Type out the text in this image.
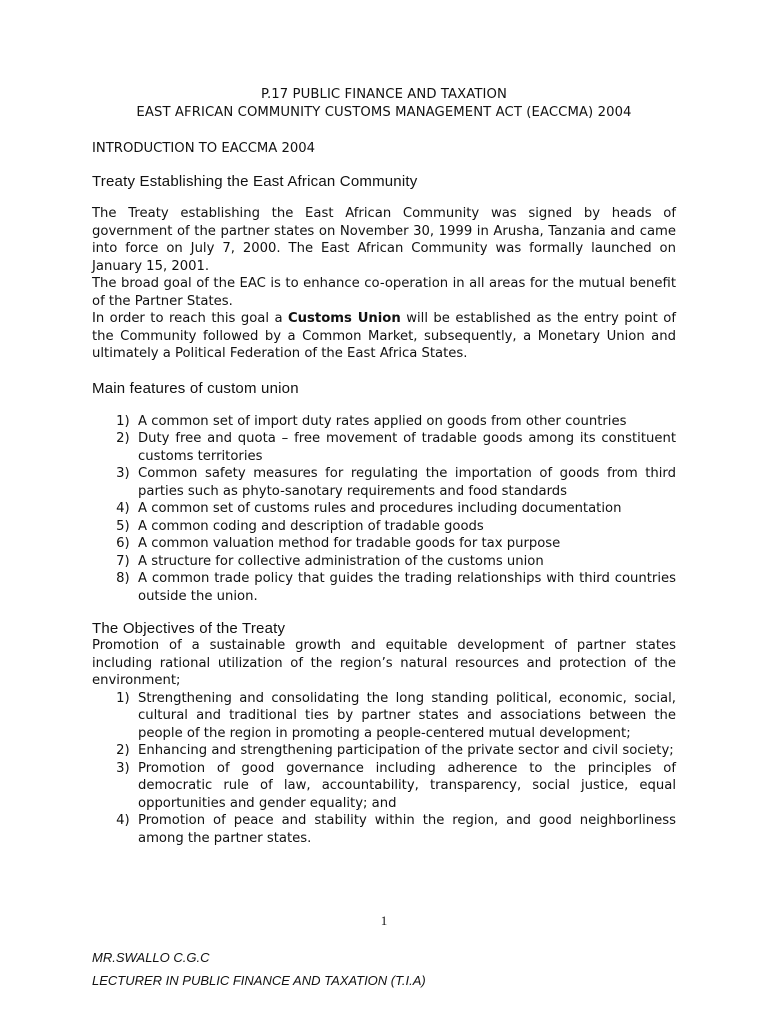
P.17 PUBLIC FINANCE AND TAXATION

EAST AFRICAN COMMUNITY CUSTOMS MANAGEMENT ACT (EACCMA) 2004

INTRODUCTION TO EACCMA 2004
Treaty Establishing the East African Community

The Treaty establishing the East African Community was signed by heads of government of the partner states on November 30, 1999 in Arusha, Tanzania and came into force on July 7, 2000. The East African Community was formally launched on January 15, 2001.

The broad goal of the EAC is to enhance co-operation in all areas for the mutual benefit of the Partner States.

In order to reach this goal a Customs Union will be established as the entry point of the Community followed by a Common Market, subsequently, a Monetary Union and ultimately a Political Federation of the East Africa States.

Main features of custom union
1. A common set of import duty rates applied on goods from other countries
2. Duty free and quota – free movement of tradable goods among its constituent customs territories
3. Common safety measures for regulating the importation of goods from third parties such as phyto-sanotary requirements and food standards
4. A common set of customs rules and procedures including documentation
5. A common coding and description of tradable goods
6. A common valuation method for tradable goods for tax purpose
7. A structure for collective administration of the customs union
8. A common trade policy that guides the trading relationships with third countries outside the union.
The Objectives of the Treaty

Promotion of a sustainable growth and equitable development of partner states including rational utilization of the region’s natural resources and protection of the environment;

1. Strengthening and consolidating the long standing political, economic, social, cultural and traditional ties by partner states and associations between the people of the region in promoting a people-centered mutual development;
2. Enhancing and strengthening participation of the private sector and civil society;
3. Promotion of good governance including adherence to the principles of democratic rule of law, accountability, transparency, social justice, equal opportunities and gender equality; and
4. Promotion of peace and stability within the region, and good neighborliness among the partner states.
1
MR.SWALLO C.G.C
LECTURER IN PUBLIC FINANCE AND TAXATION (T.I.A)
